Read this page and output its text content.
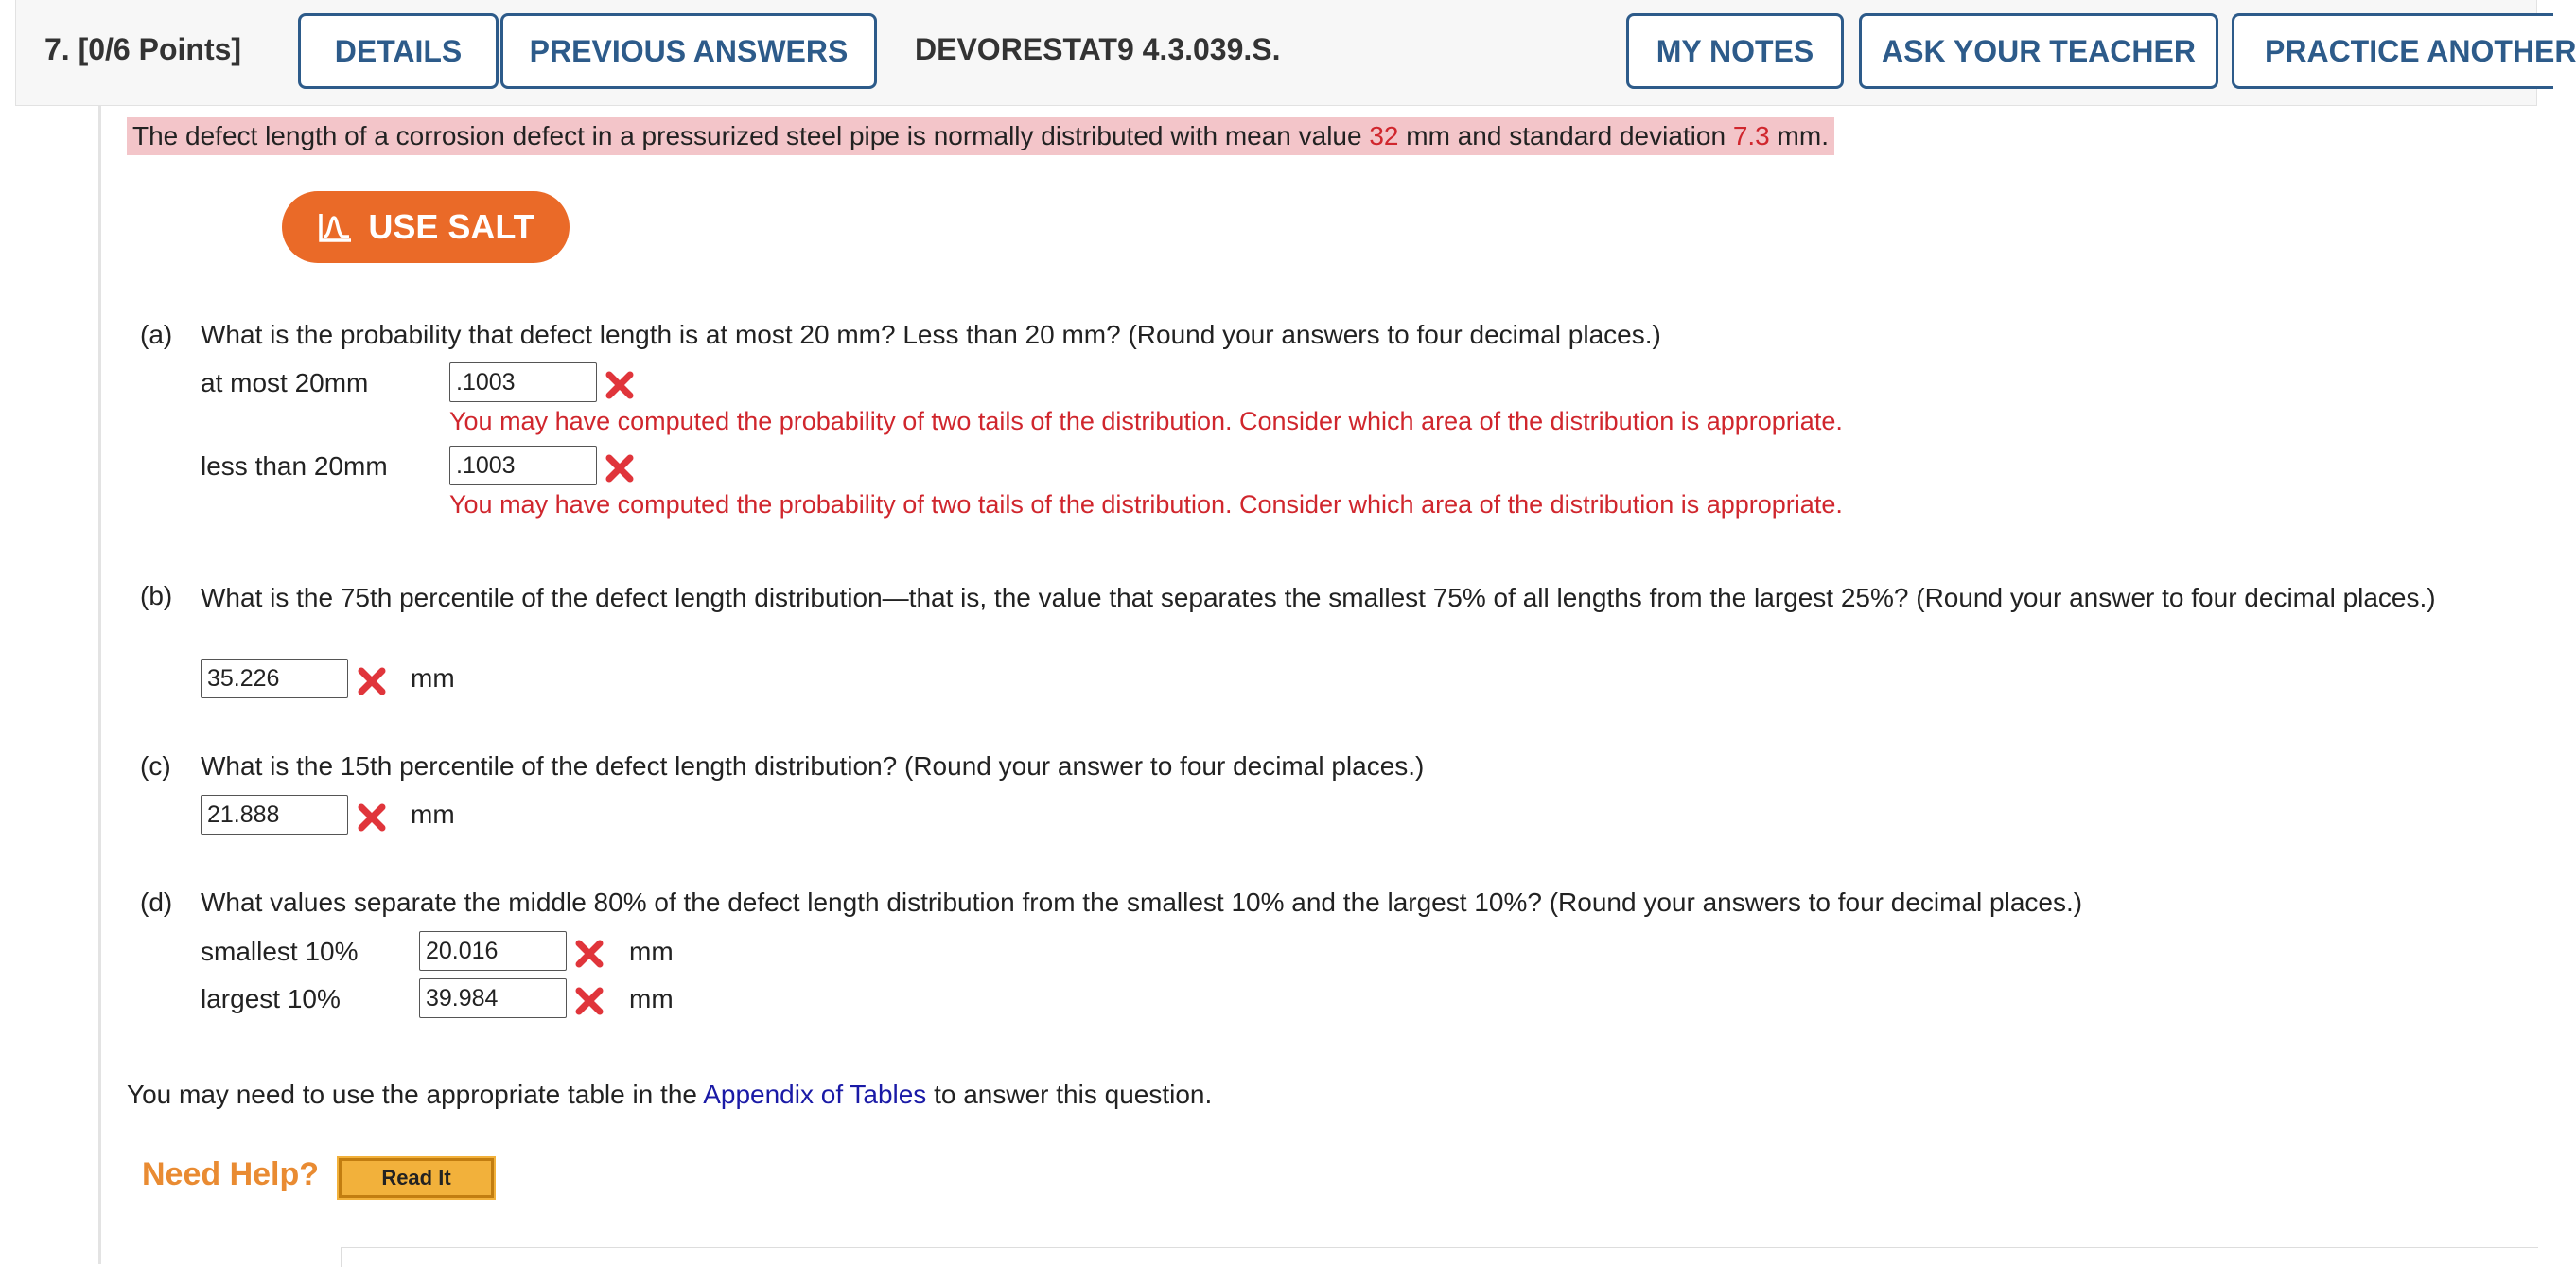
7. [0/6 Points]	DETAILS	PREVIOUS ANSWERS	DEVORESTAT9 4.3.039.S.	MY NOTES	ASK YOUR TEACHER	PRACTICE ANOTHER
The defect length of a corrosion defect in a pressurized steel pipe is normally distributed with mean value 32 mm and standard deviation 7.3 mm.
USE SALT
(a) What is the probability that defect length is at most 20 mm? Less than 20 mm? (Round your answers to four decimal places.)
at most 20mm
.1003
You may have computed the probability of two tails of the distribution. Consider which area of the distribution is appropriate.
less than 20mm
.1003
You may have computed the probability of two tails of the distribution. Consider which area of the distribution is appropriate.
(b) What is the 75th percentile of the defect length distribution—that is, the value that separates the smallest 75% of all lengths from the largest 25%? (Round your answer to four decimal places.)
35.226
mm
(c) What is the 15th percentile of the defect length distribution? (Round your answer to four decimal places.)
21.888
mm
(d) What values separate the middle 80% of the defect length distribution from the smallest 10% and the largest 10%? (Round your answers to four decimal places.)
smallest 10%
20.016	mm
largest 10%
39.984	mm
You may need to use the appropriate table in the Appendix of Tables to answer this question.
Need Help?	Read It
